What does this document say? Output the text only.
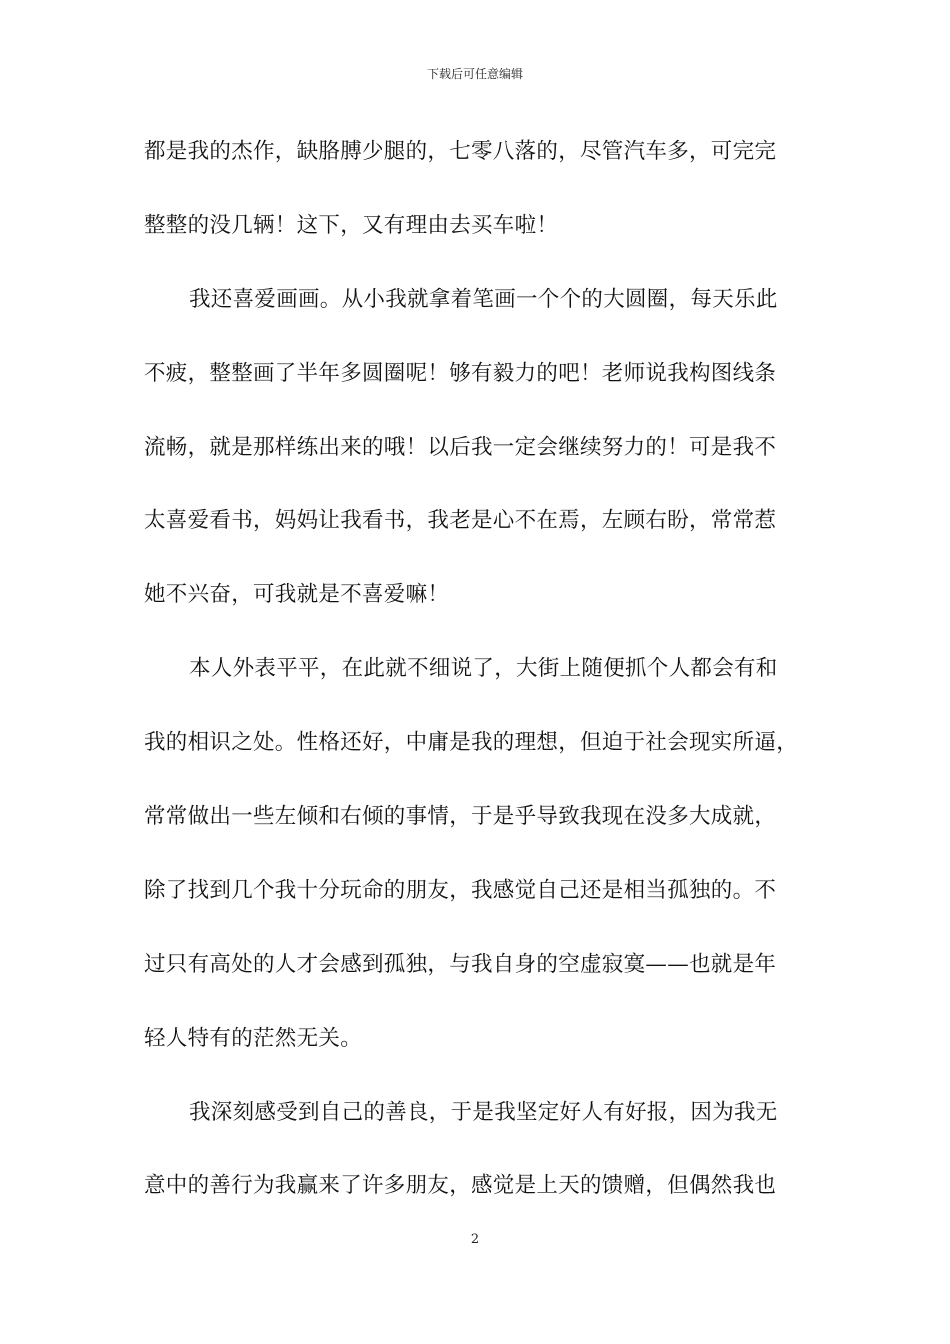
下载后可任意编辑
都是我的杰作，缺胳膊少腿的，七零八落的，尽管汽车多，可完完
整整的没几辆！这下，又有理由去买车啦！
我还喜爱画画。从小我就拿着笔画一个个的大圆圈，每天乐此
不疲，整整画了半年多圆圈呢！够有毅力的吧！老师说我构图线条
流畅，就是那样练出来的哦！以后我一定会继续努力的！可是我不
太喜爱看书，妈妈让我看书，我老是心不在焉，左顾右盼，常常惹
她不兴奋，可我就是不喜爱嘛！
本人外表平平，在此就不细说了，大街上随便抓个人都会有和
我的相识之处。性格还好，中庸是我的理想，但迫于社会现实所逼，
常常做出一些左倾和右倾的事情，于是乎导致我现在没多大成就，
除了找到几个我十分玩命的朋友，我感觉自己还是相当孤独的。不
过只有高处的人才会感到孤独，与我自身的空虚寂寞——也就是年
轻人特有的茫然无关。
我深刻感受到自己的善良，于是我坚定好人有好报，因为我无
意中的善行为我赢来了许多朋友，感觉是上天的馈赠，但偶然我也
2
